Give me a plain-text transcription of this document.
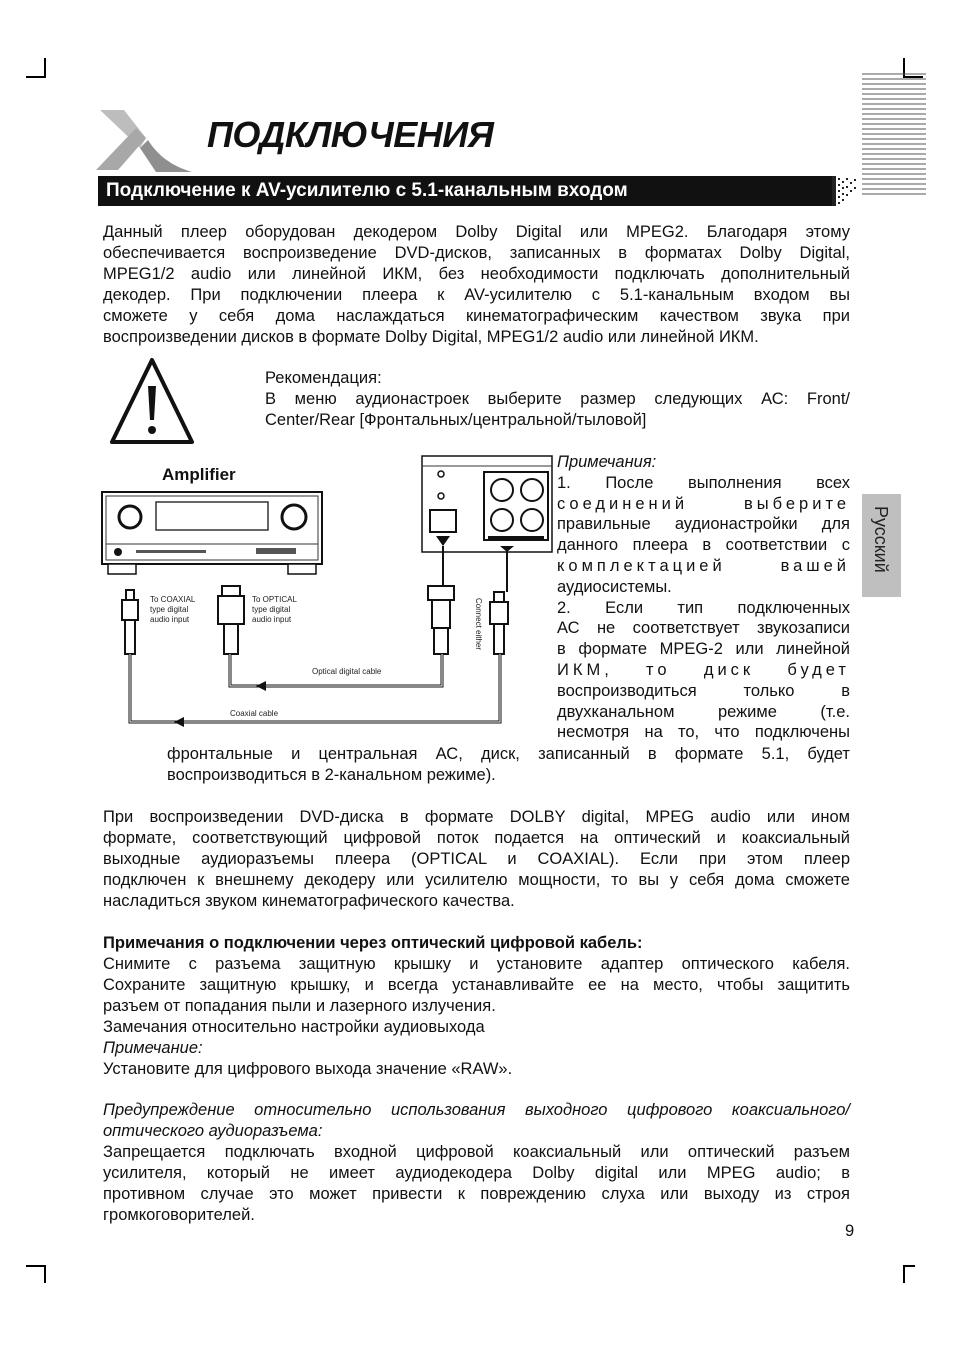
ПОДКЛЮЧЕНИЯ
Подключение к AV-усилителю с 5.1-канальным входом
Данный плеер оборудован декодером Dolby Digital или MPEG2. Благодаря этому
обеспечивается воспроизведение DVD-дисков, записанных в форматах Dolby Digital,
MPEG1/2 audio или линейной ИКМ, без необходимости подключать дополнительный
декодер. При подключении плеера к AV-усилителю с 5.1-канальным входом вы
сможете у себя дома наслаждаться кинематографическим качеством звука при
воспроизведении дисков в формате Dolby Digital, MPEG1/2 audio или линейной ИКМ.
Рекомендация:
В меню аудионастроек выберите размер следующих АС: Front/
Center/Rear [Фронтальных/центральной/тыловой]
Amplifier
To COAXIAL type digital audio input
To OPTICAL type digital audio input	Connect either
Optical digital cable
Coaxial cable
Примечания:
1. После выполнения всех
соединений выберите
правильные аудионастройки для
данного плеера в соответствии с
комплектацией вашей
аудиосистемы.
2. Если тип подключенных
АС не соответствует звукозаписи
в формате MPEG-2 или линейной
ИКМ, то диск будет
воспроизводиться только в
двухканальном режиме (т.е.
несмотря на то, что подключены
фронтальные и центральная АС, диск, записанный в формате 5.1, будет
воспроизводиться в 2-канальном режиме).
Русский
При воспроизведении DVD-диска в формате DOLBY digital, MPEG audio или ином
формате, соответствующий цифровой поток подается на оптический и коаксиальный
выходные аудиоразъемы плеера (OPTICAL и COAXIAL). Если при этом плеер
подключен к внешнему декодеру или усилителю мощности, то вы у себя дома сможете
насладиться звуком кинематографического качества.
Примечания о подключении через оптический цифровой кабель:
Снимите с разъема защитную крышку и установите адаптер оптического кабеля.
Сохраните защитную крышку, и всегда устанавливайте ее на место, чтобы защитить
разъем от попадания пыли и лазерного излучения.
Замечания относительно настройки аудиовыхода
Примечание:
Установите для цифрового выхода значение «RAW».
Предупреждение относительно использования выходного цифрового коаксиального/
оптического аудиоразъема:
Запрещается подключать входной цифровой коаксиальный или оптический разъем
усилителя, который не имеет аудиодекодера Dolby digital или MPEG audio; в
противном случае это может привести к повреждению слуха или выходу из строя
громкоговорителей.
9
